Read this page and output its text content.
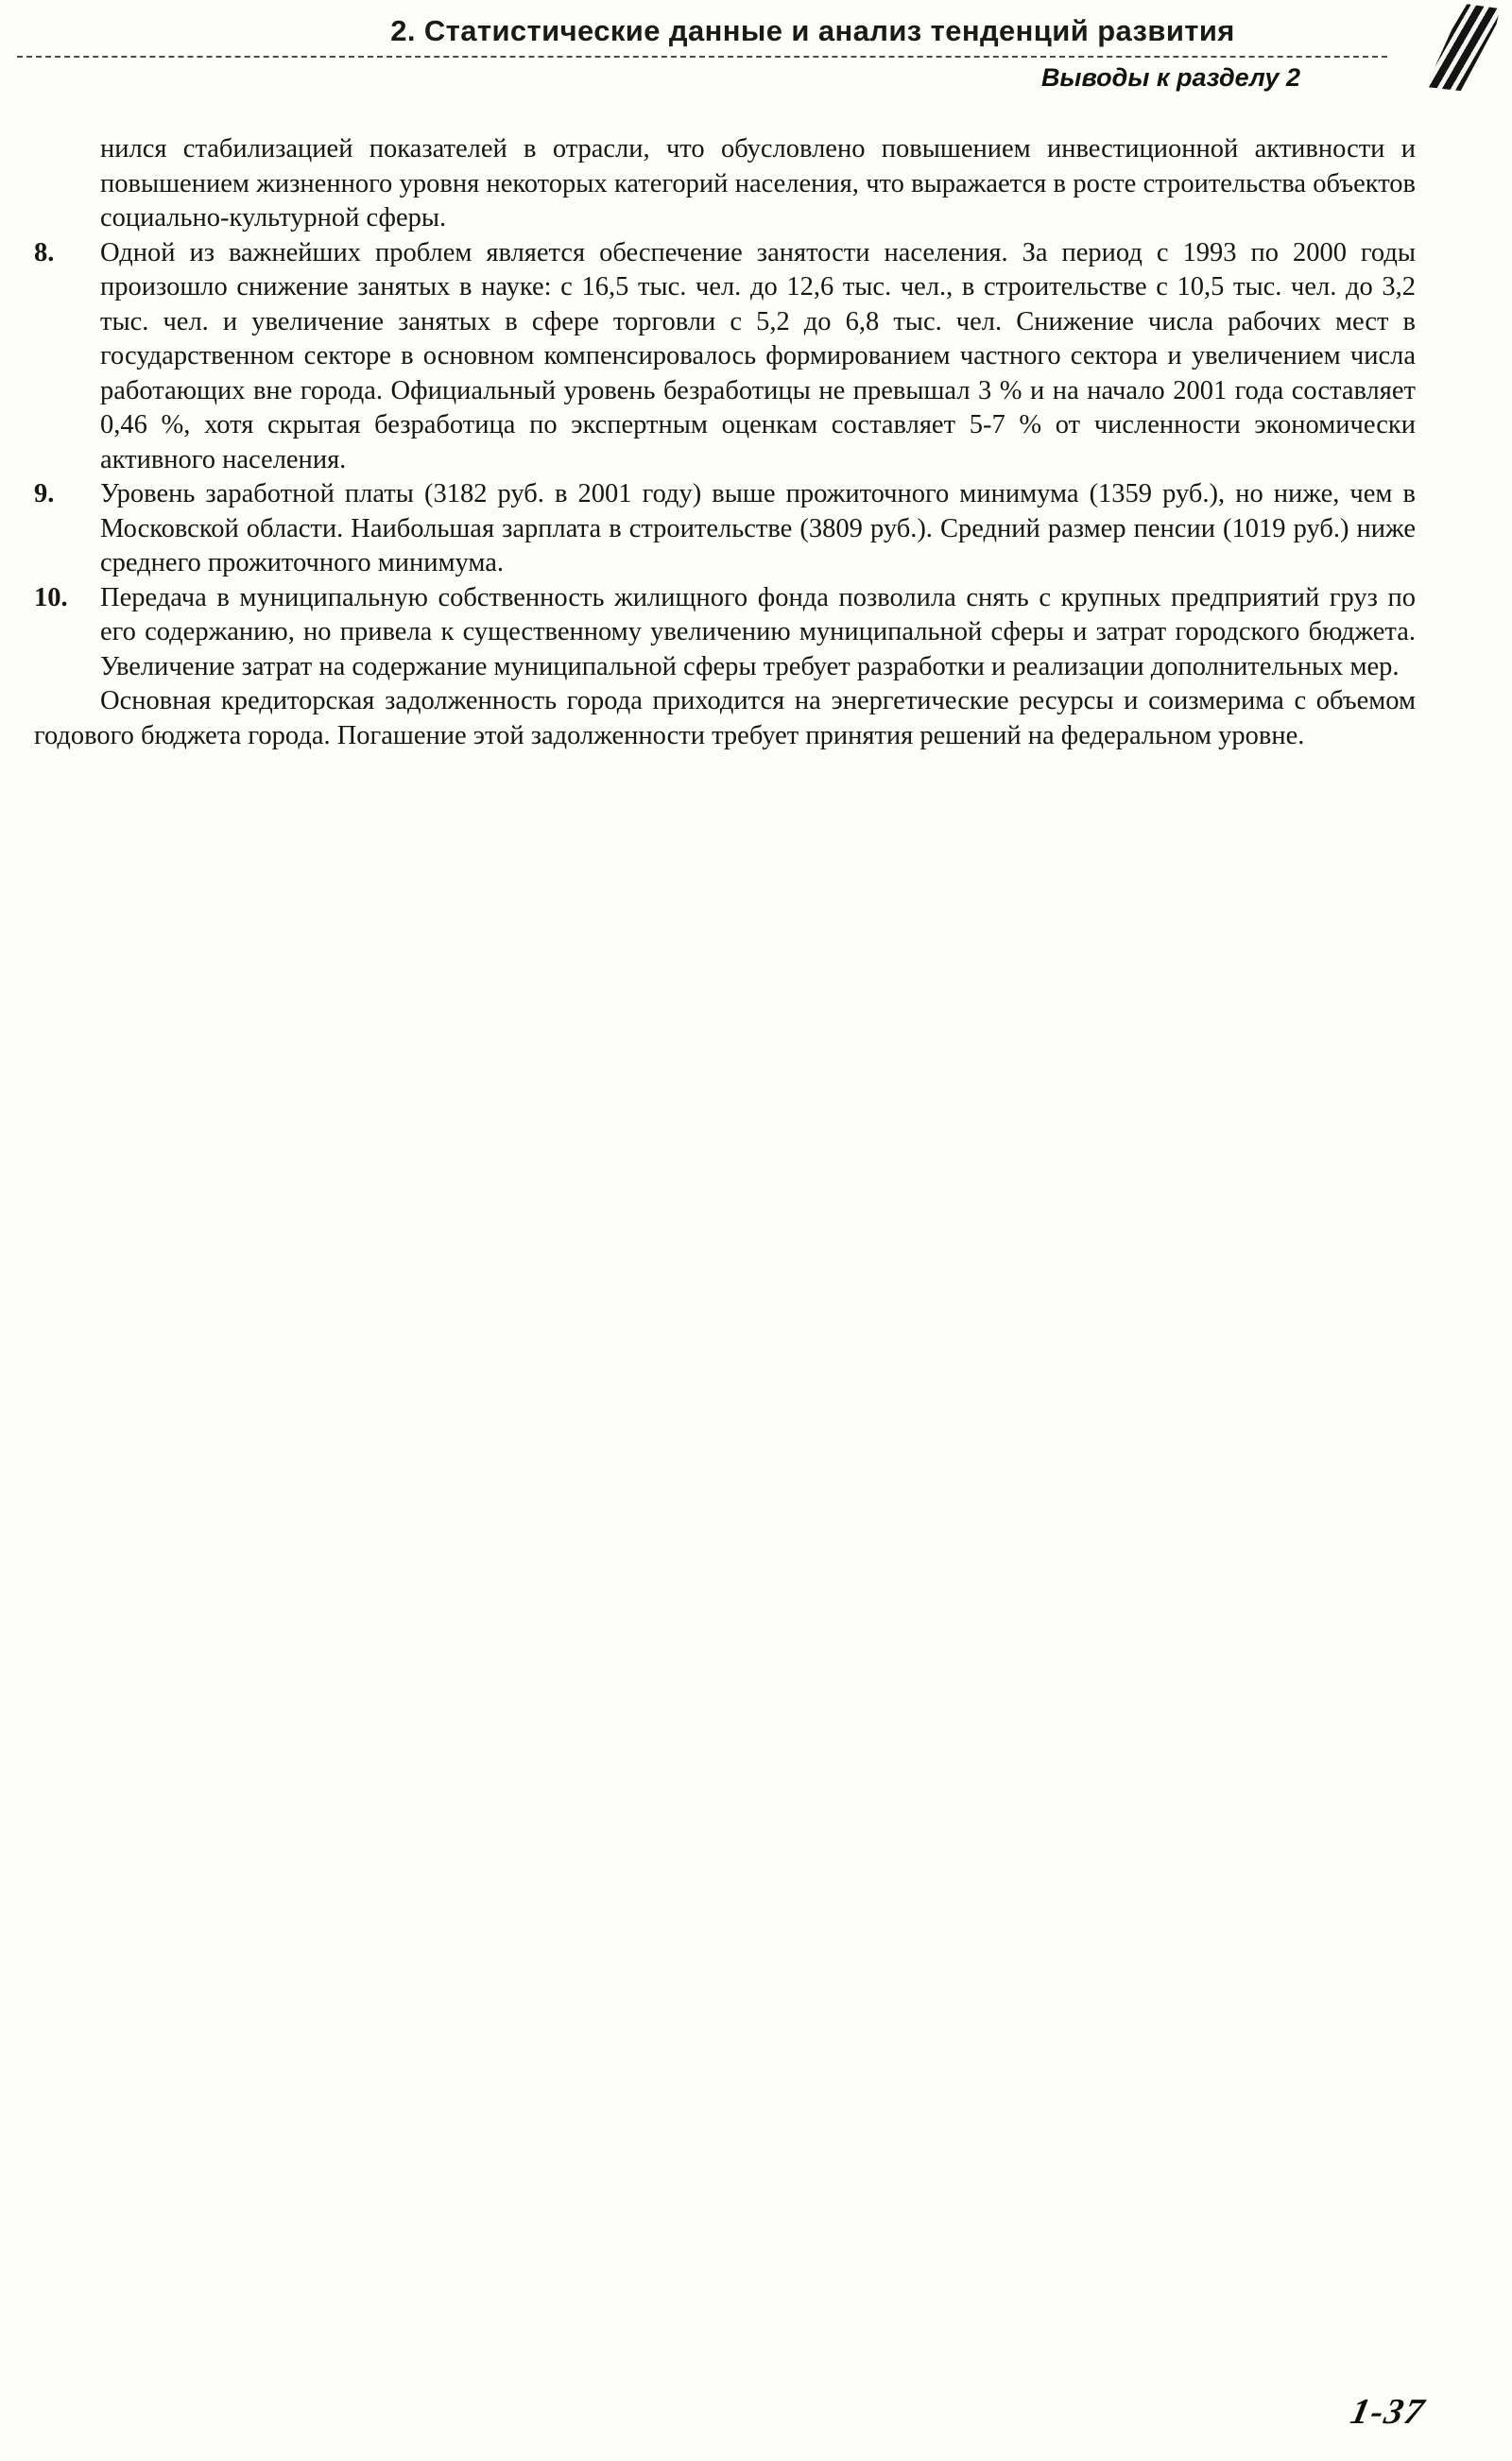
2. Статистические данные и анализ тенденций развития
Выводы к разделу 2

нился стабилизацией показателей в отрасли, что обусловлено повышением инвестиционной активности и повышением жизненного уровня некоторых категорий населения, что выражается в росте строительства объектов социально-культурной сферы.

8.	Одной из важнейших проблем является обеспечение занятости населения. За период с 1993 по 2000 годы произошло снижение занятых в науке: с 16,5 тыс. чел. до 12,6 тыс. чел., в строительстве с 10,5 тыс. чел. до 3,2 тыс. чел. и увеличение занятых в сфере торговли с 5,2 до 6,8 тыс. чел. Снижение числа рабочих мест в государственном секторе в основном компенсировалось формированием частного сектора и увеличением числа работающих вне города. Официальный уровень безработицы не превышал 3 % и на начало 2001 года составляет 0,46 %, хотя скрытая безработица по экспертным оценкам составляет 5-7 % от численности экономически активного населения.

9.	Уровень заработной платы (3182 руб. в 2001 году) выше прожиточного минимума (1359 руб.), но ниже, чем в Московской области. Наибольшая зарплата в строительстве (3809 руб.). Средний размер пенсии (1019 руб.) ниже среднего прожиточного минимума.

10.	Передача в муниципальную собственность жилищного фонда позволила снять с крупных предприятий груз по его содержанию, но привела к существенному увеличению муниципальной сферы и затрат городского бюджета. Увеличение затрат на содержание муниципальной сферы требует разработки и реализации дополнительных мер.

Основная кредиторская задолженность города приходится на энергетические ресурсы и соизмерима с объемом годового бюджета города. Погашение этой задолженности требует принятия решений на федеральном уровне.

1-37
